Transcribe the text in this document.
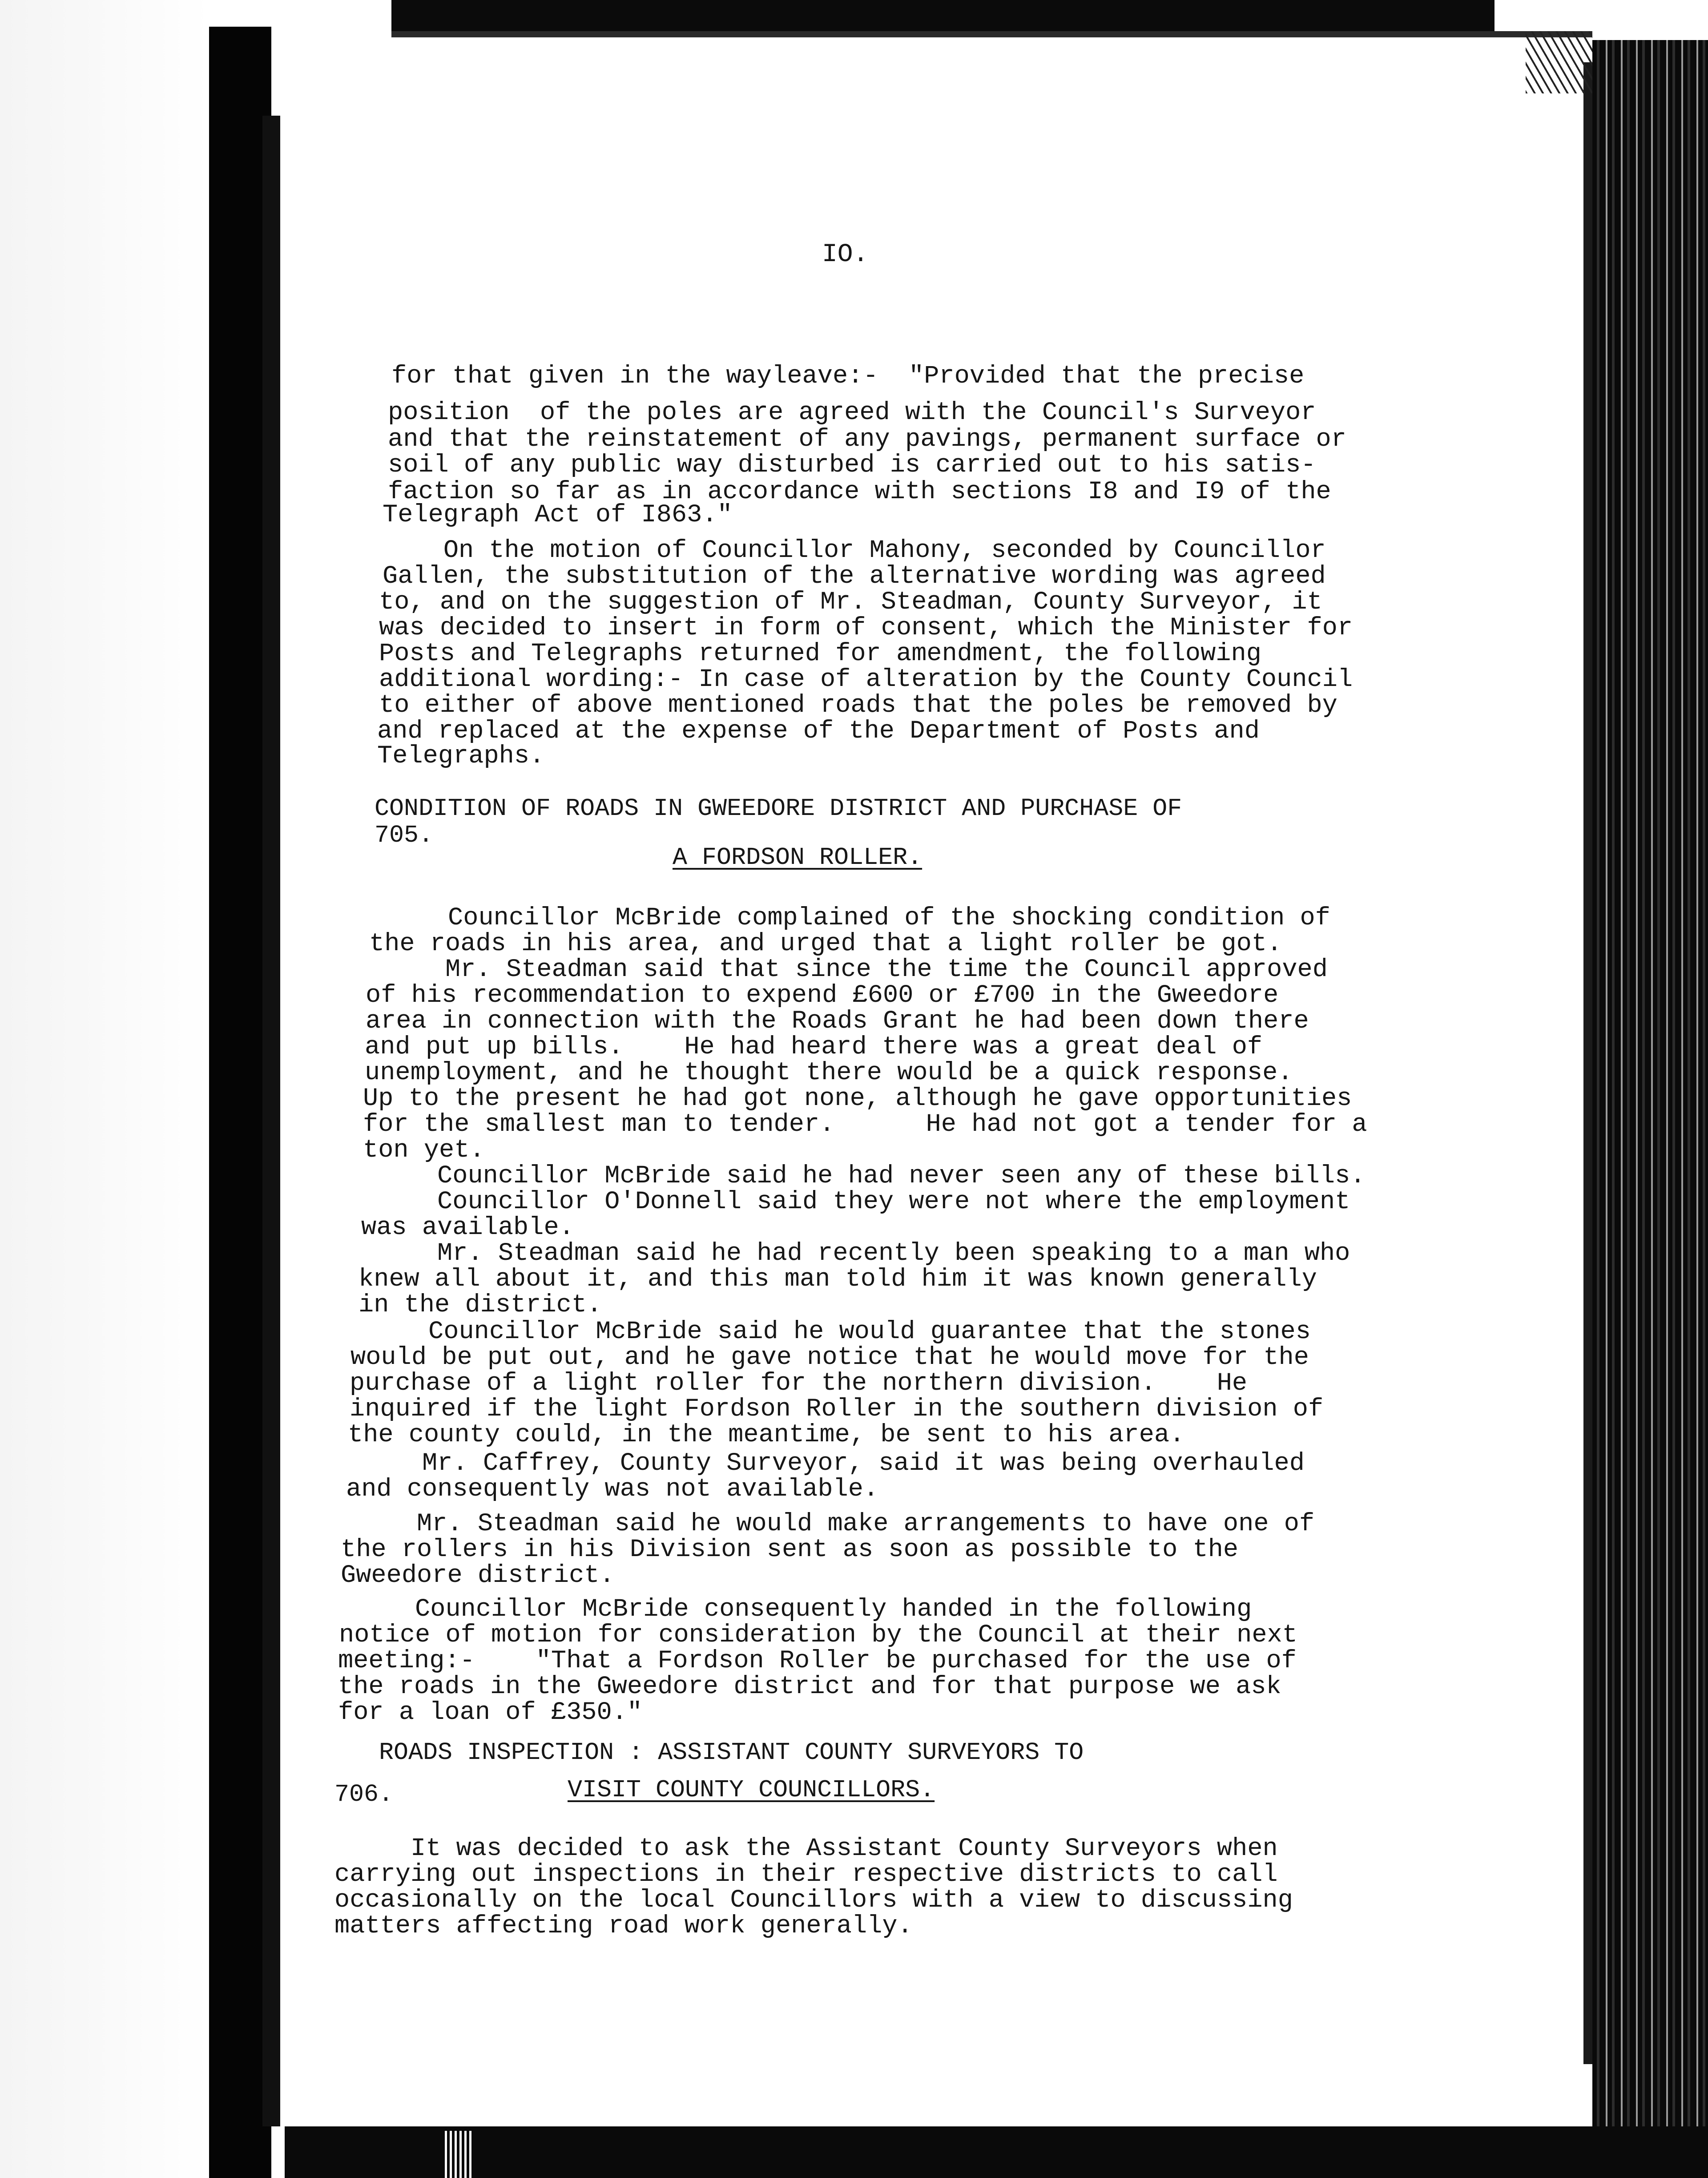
IO.
for that given in the wayleave:-  "Provided that the precise
position  of the poles are agreed with the Council's Surveyor
and that the reinstatement of any pavings, permanent surface or
soil of any public way disturbed is carried out to his satis-
faction so far as in accordance with sections I8 and I9 of the
Telegraph Act of I863."
On the motion of Councillor Mahony, seconded by Councillor
Gallen, the substitution of the alternative wording was agreed
to, and on the suggestion of Mr. Steadman, County Surveyor, it
was decided to insert in form of consent, which the Minister for
Posts and Telegraphs returned for amendment, the following
additional wording:- In case of alteration by the County Council
to either of above mentioned roads that the poles be removed by
and replaced at the expense of the Department of Posts and
Telegraphs.
CONDITION OF ROADS IN GWEEDORE DISTRICT AND PURCHASE OF
705.
A FORDSON ROLLER.
Councillor McBride complained of the shocking condition of
the roads in his area, and urged that a light roller be got.
Mr. Steadman said that since the time the Council approved
of his recommendation to expend £600 or £700 in the Gweedore
area in connection with the Roads Grant he had been down there
and put up bills.    He had heard there was a great deal of
unemployment, and he thought there would be a quick response.
Up to the present he had got none, although he gave opportunities
for the smallest man to tender.      He had not got a tender for a
ton yet.
Councillor McBride said he had never seen any of these bills.
Councillor O'Donnell said they were not where the employment
was available.
Mr. Steadman said he had recently been speaking to a man who
knew all about it, and this man told him it was known generally
in the district.
Councillor McBride said he would guarantee that the stones
would be put out, and he gave notice that he would move for the
purchase of a light roller for the northern division.    He
inquired if the light Fordson Roller in the southern division of
the county could, in the meantime, be sent to his area.
Mr. Caffrey, County Surveyor, said it was being overhauled
and consequently was not available.
Mr. Steadman said he would make arrangements to have one of
the rollers in his Division sent as soon as possible to the
Gweedore district.
Councillor McBride consequently handed in the following
notice of motion for consideration by the Council at their next
meeting:-    "That a Fordson Roller be purchased for the use of
the roads in the Gweedore district and for that purpose we ask
for a loan of £350."
ROADS INSPECTION : ASSISTANT COUNTY SURVEYORS TO
706.	VISIT COUNTY COUNCILLORS.
It was decided to ask the Assistant County Surveyors when
carrying out inspections in their respective districts to call
occasionally on the local Councillors with a view to discussing
matters affecting road work generally.
